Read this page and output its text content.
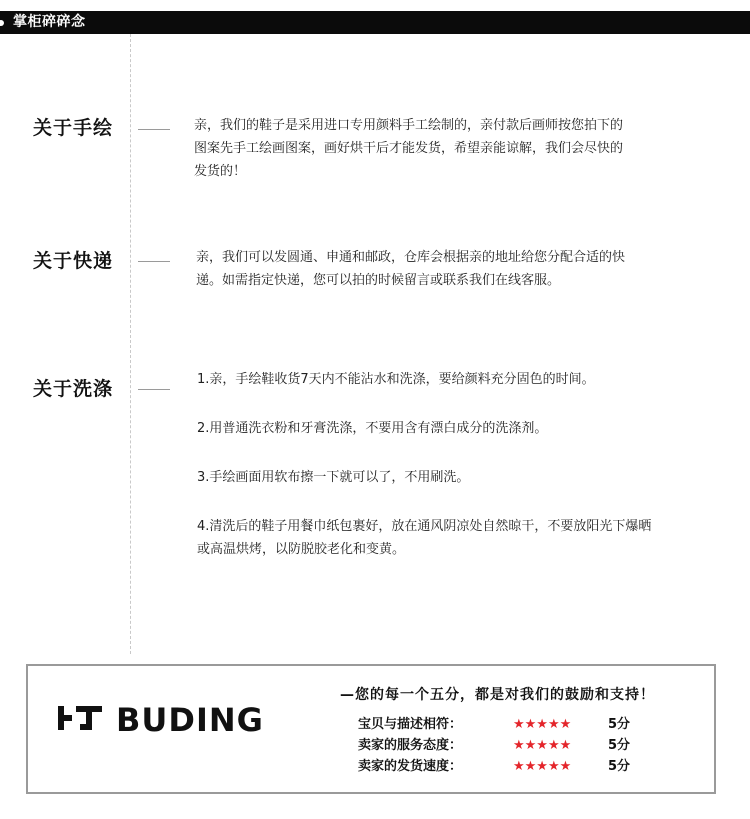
掌柜碎碎念
关于手绘	亲，我们的鞋子是采用进口专用颜料手工绘制的，亲付款后画师按您拍下的图案先手工绘画图案，画好烘干后才能发货，希望亲能谅解，我们会尽快的发货的！

关于快递	亲，我们可以发圆通、申通和邮政，仓库会根据亲的地址给您分配合适的快递。如需指定快递，您可以拍的时候留言或联系我们在线客服。

关于洗涤	1.亲，手绘鞋收货7天内不能沾水和洗涤，要给颜料充分固色的时间。

2.用普通洗衣粉和牙膏洗涤，不要用含有漂白成分的洗涤剂。

3.手绘画面用软布擦一下就可以了，不用刷洗。

4.清洗后的鞋子用餐巾纸包裹好，放在通风阴凉处自然晾干，不要放阳光下爆晒或高温烘烤，以防脱胶老化和变黄。

BUDING
—您的每一个五分，都是对我们的鼓励和支持！
宝贝与描述相符：	★★★★★	5分
卖家的服务态度：	★★★★★	5分
卖家的发货速度：	★★★★★	5分
